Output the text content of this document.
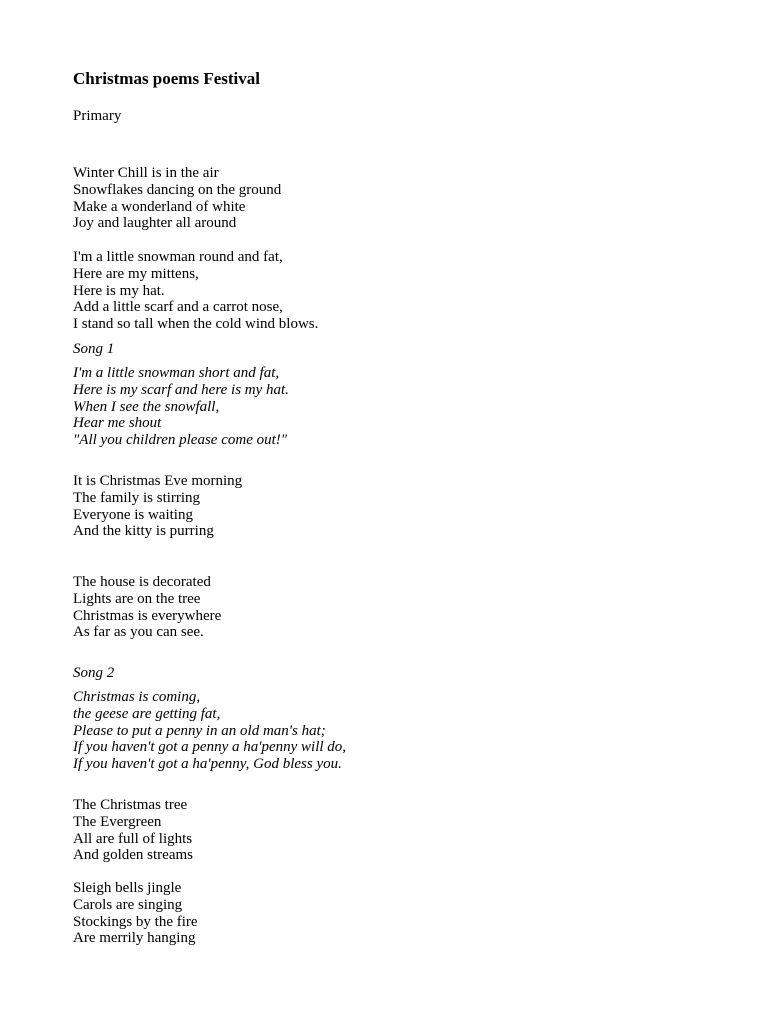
Christmas poems Festival
Primary
Winter Chill is in the air
Snowflakes dancing on the ground
Make a wonderland of white
Joy and laughter all around
I'm a little snowman round and fat,
Here are my mittens,
Here is my hat.
Add a little scarf and a carrot nose,
I stand so tall when the cold wind blows.
Song 1
I'm a little snowman short and fat,
Here is my scarf and here is my hat.
When I see the snowfall,
Hear me shout
"All you children please come out!"
It is Christmas Eve morning
The family is stirring
Everyone is waiting
And the kitty is purring
The house is decorated
Lights are on the tree
Christmas is everywhere
As far as you can see.
Song 2
Christmas is coming,
the geese are getting fat,
Please to put a penny in an old man's hat;
If you haven't got a penny a ha'penny will do,
If you haven't got a ha'penny, God bless you.
The Christmas tree
The Evergreen
All are full of lights
And golden streams
Sleigh bells jingle
Carols are singing
Stockings by the fire
Are merrily hanging
